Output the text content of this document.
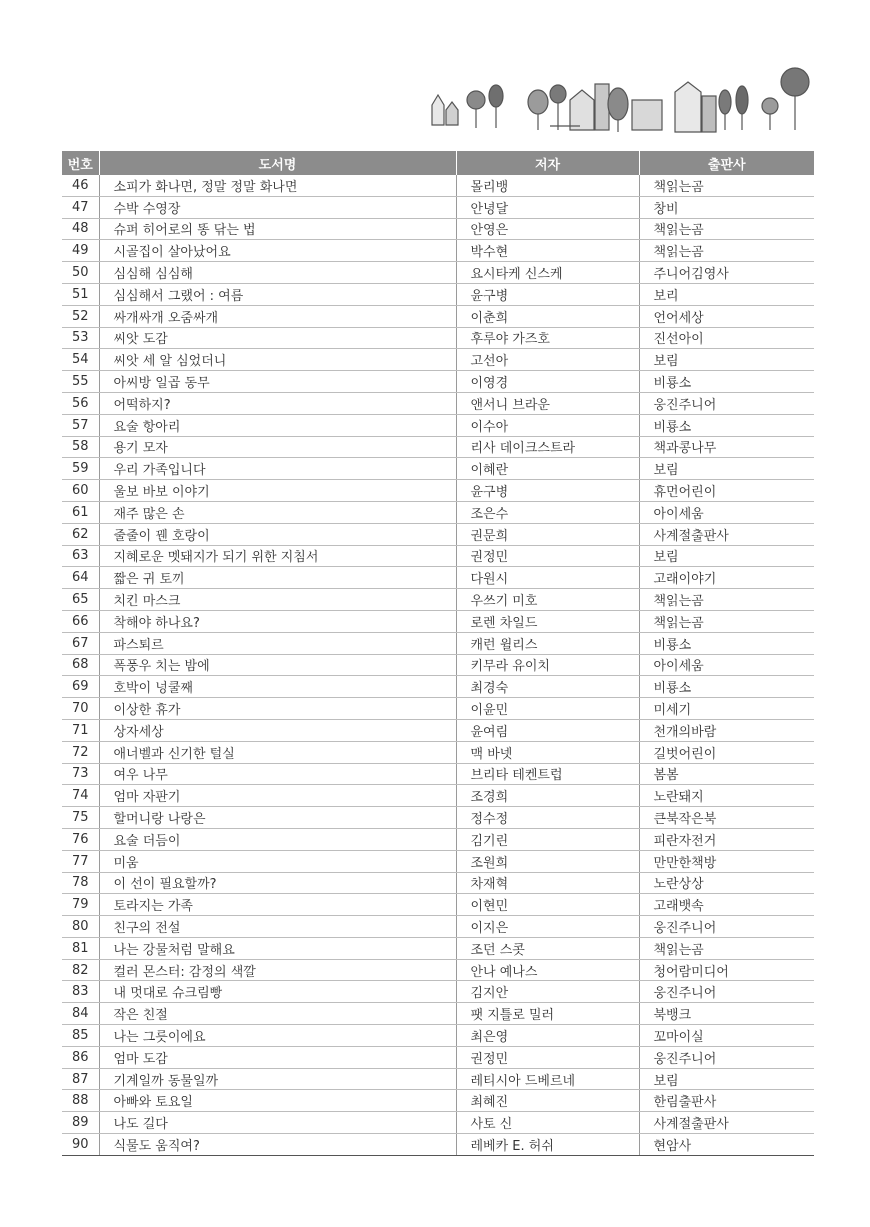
번호	도서명	저자	출판사
46	소피가 화나면, 정말 정말 화나면	몰리뱅	책읽는곰
47	수박 수영장	안녕달	창비
48	슈퍼 히어로의 똥 닦는 법	안영은	책읽는곰
49	시골집이 살아났어요	박수현	책읽는곰
50	심심해 심심해	요시타케 신스케	주니어김영사
51	심심해서 그랬어 : 여름	윤구병	보리
52	싸개싸개 오줌싸개	이춘희	언어세상
53	씨앗 도감	후루야 가즈호	진선아이
54	씨앗 세 알 심었더니	고선아	보림
55	아씨방 일곱 동무	이영경	비룡소
56	어떡하지?	앤서니 브라운	웅진주니어
57	요술 항아리	이수아	비룡소
58	용기 모자	리사 데이크스트라	책과콩나무
59	우리 가족입니다	이혜란	보림
60	울보 바보 이야기	윤구병	휴먼어린이
61	재주 많은 손	조은수	아이세움
62	줄줄이 꿴 호랑이	권문희	사계절출판사
63	지혜로운 멧돼지가 되기 위한 지침서	권정민	보림
64	짧은 귀 토끼	다원시	고래이야기
65	치킨 마스크	우쓰기 미호	책읽는곰
66	착해야 하나요?	로렌 차일드	책읽는곰
67	파스퇴르	캐런 윌리스	비룡소
68	폭풍우 치는 밤에	키무라 유이치	아이세움
69	호박이 넝쿨째	최경숙	비룡소
70	이상한 휴가	이윤민	미세기
71	상자세상	윤여림	천개의바람
72	애너벨과 신기한 털실	맥 바넷	길벗어린이
73	여우 나무	브리타 테켄트럽	봄봄
74	엄마 자판기	조경희	노란돼지
75	할머니랑 나랑은	정수정	큰북작은북
76	요술 더듬이	김기린	피란자전거
77	미움	조원희	만만한책방
78	이 선이 필요할까?	차재혁	노란상상
79	토라지는 가족	이현민	고래뱃속
80	친구의 전설	이지은	웅진주니어
81	나는 강물처럼 말해요	조던 스콧	책읽는곰
82	컬러 몬스터: 감정의 색깔	안나 예나스	청어람미디어
83	내 멋대로 슈크림빵	김지안	웅진주니어
84	작은 친절	팻 지틀로 밀러	북뱅크
85	나는 그릇이에요	최은영	꼬마이실
86	엄마 도감	권정민	웅진주니어
87	기계일까 동물일까	레티시아 드베르네	보림
88	아빠와 토요일	최혜진	한림출판사
89	나도 길다	사토 신	사계절출판사
90	식물도 움직여?	레베카 E. 허쉬	현암사
